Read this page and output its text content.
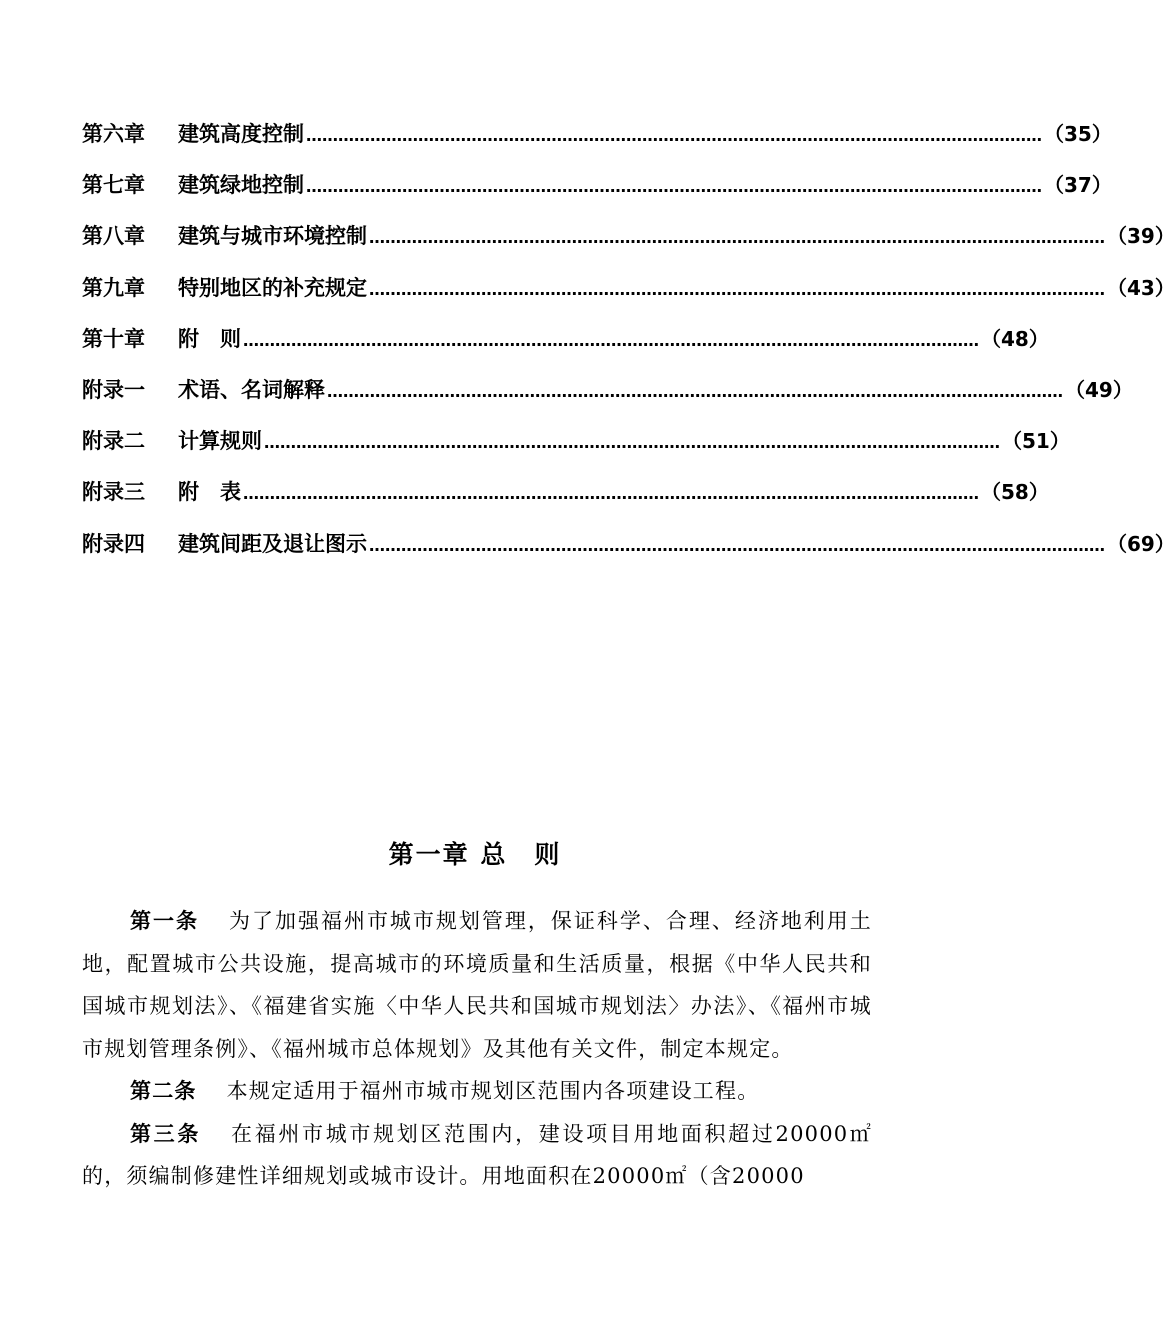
第六章	建筑高度控制 ………………………………………………………………………………………………………………………… （35）
第七章	建筑绿地控制 ………………………………………………………………………………………………………………………… （37）
第八章	建筑与城市环境控制 ………………………………………………………………………………………………………………………… （39）
第九章	特别地区的补充规定 ………………………………………………………………………………………………………………………… （43）
第十章	附　则 ………………………………………………………………………………………………………………………… （48）
附录一	术语、名词解释 ………………………………………………………………………………………………………………………… （49）
附录二	计算规则 ………………………………………………………………………………………………………………………… （51）
附录三	附　表 ………………………………………………………………………………………………………………………… （58）
附录四	建筑间距及退让图示 ………………………………………………………………………………………………………………………… （69）
第一章 总　则

第一条 为了加强福州市城市规划管理，保证科学、合理、经济地利用土地，配置城市公共设施，提高城市的环境质量和生活质量，根据《中华人民共和国城市规划法》、《福建省实施〈中华人民共和国城市规划法〉办法》、《福州市城市规划管理条例》、《福州城市总体规划》及其他有关文件，制定本规定。

第二条 本规定适用于福州市城市规划区范围内各项建设工程。

第三条 在福州市城市规划区范围内，建设项目用地面积超过20000㎡的，须编制修建性详细规划或城市设计。用地面积在20000㎡（含20000
